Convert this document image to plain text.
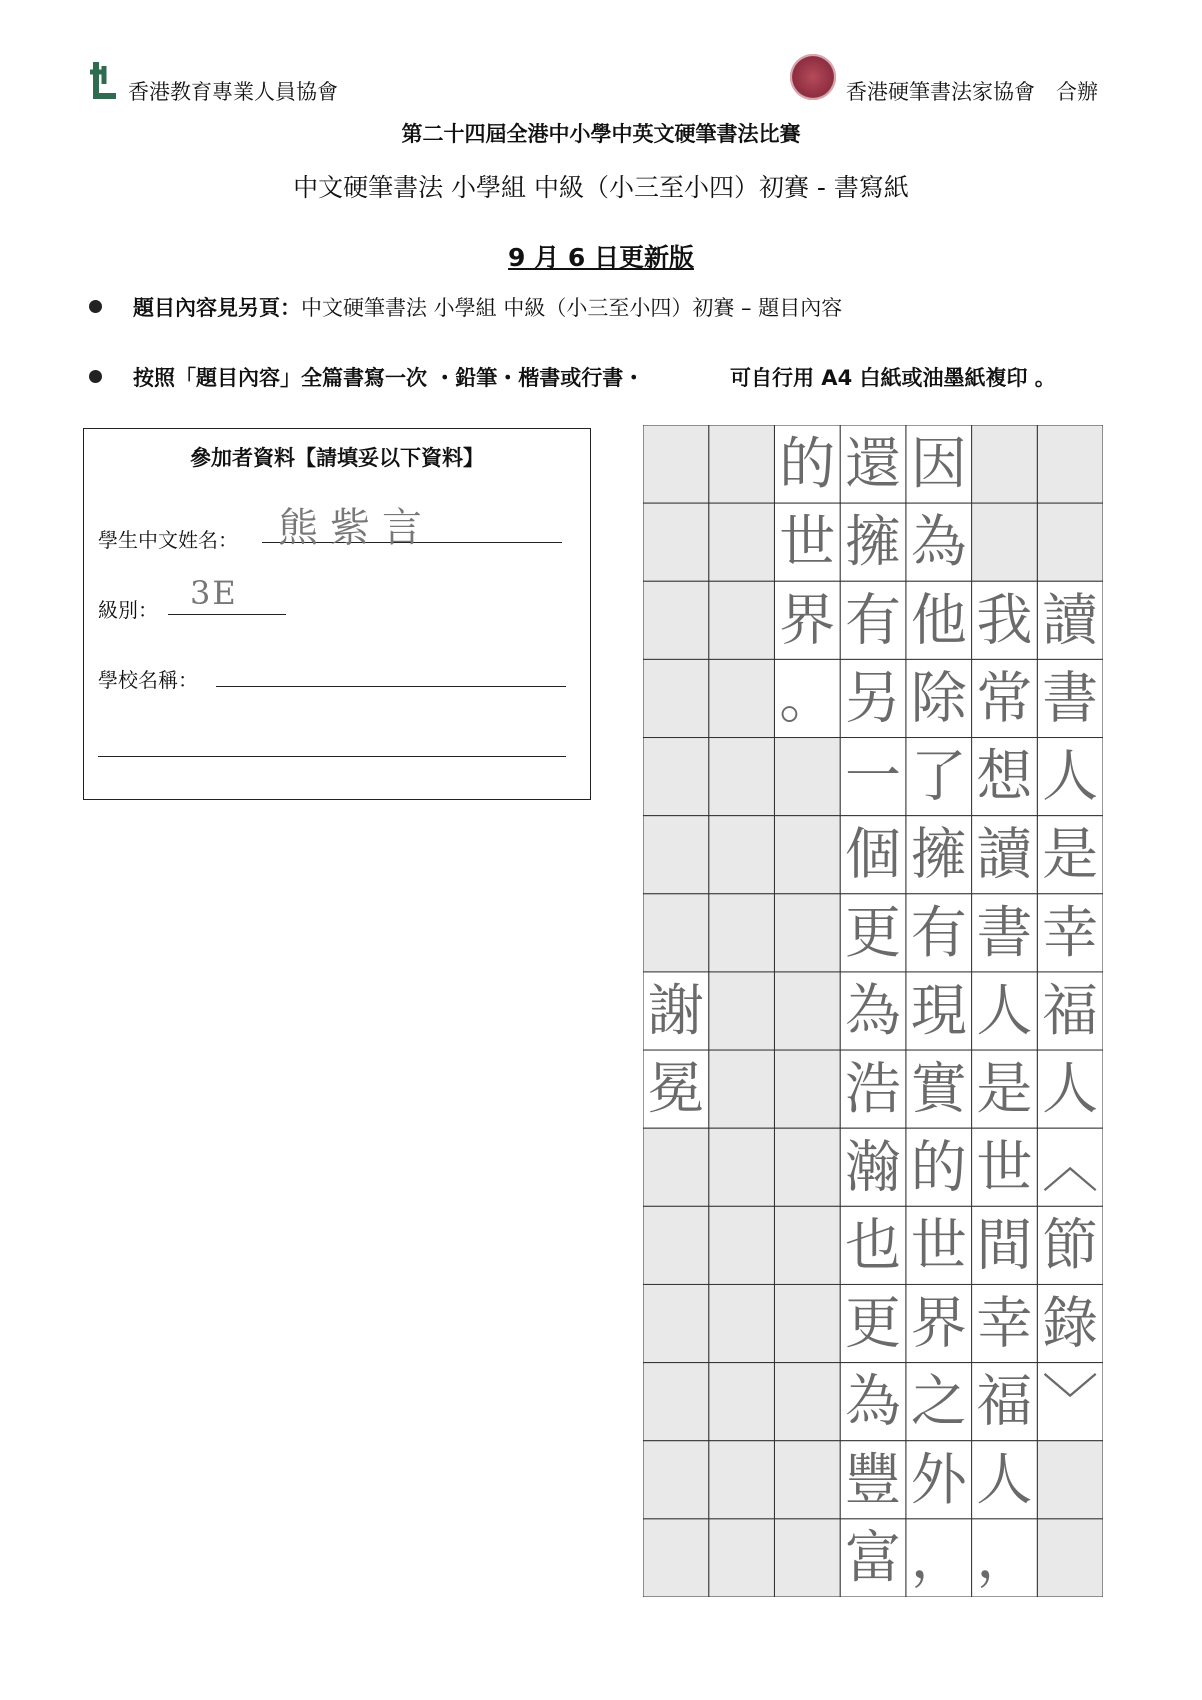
香港教育專業人員協會	香港硬筆書法家協會　合辦
第二十四屆全港中小學中英文硬筆書法比賽
中文硬筆書法 小學組 中級（小三至小四）初賽 - 書寫紙
9 月 6 日更新版
題目內容見另頁：中文硬筆書法 小學組 中級（小三至小四）初賽 – 題目內容
按照「題目內容」全篇書寫一次 ・鉛筆・楷書或行書・	可自行用 A4 白紙或油墨紙複印 。
參加者資料【請填妥以下資料】
學生中文姓名： 熊紫言
級別： 3E
學校名稱：
讀
書
人
是
幸
福
人
︿
節
錄
﹀
我
常
想
讀
書
人
是
世
間
幸
福
人
，
因
為
他
除
了
擁
有
現
實
的
世
界
之
外
，
還
擁
有
另
一
個
更
為
浩
瀚
也
更
為
豐
富
的
世
界
。
謝
冕
